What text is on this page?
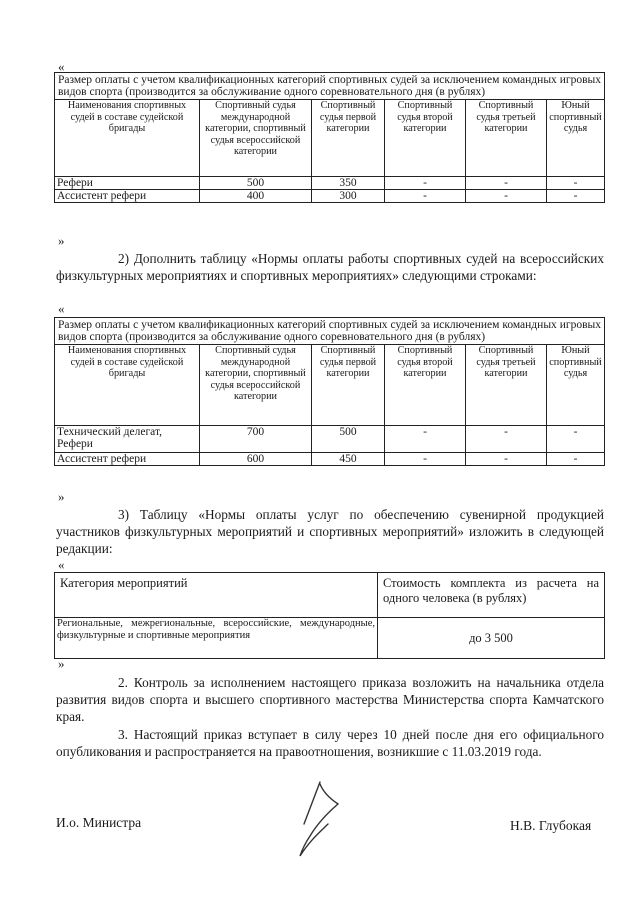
«
Размер оплаты с учетом квалификационных категорий спортивных судей за исключением командных игровых видов спорта (производится за обслуживание одного соревновательного дня (в рублях)					
Наименования спортивных судей в составе судейской бригады	Спортивный судья международной категории, спортивный судья всероссийской категории	Спортивный судья первой категории	Спортивный судья второй категории	Спортивный судья третьей категории	Юный спортивный судья
Рефери	500	350	-	-	-
Ассистент рефери	400	300	-	-	-
»
2) Дополнить таблицу «Нормы оплаты работы спортивных судей на всероссийских физкультурных мероприятиях и спортивных мероприятиях» следующими строками:
«
Размер оплаты с учетом квалификационных категорий спортивных судей за исключением командных игровых видов спорта (производится за обслуживание одного соревновательного дня (в рублях)					
Наименования спортивных судей в составе судейской бригады	Спортивный судья международной категории, спортивный судья всероссийской категории	Спортивный судья первой категории	Спортивный судья второй категории	Спортивный судья третьей категории	Юный спортивный судья
Технический делегат, Рефери	700	500	-	-	-
Ассистент рефери	600	450	-	-	-
»
3) Таблицу «Нормы оплаты услуг по обеспечению сувенирной продукцией участников физкультурных мероприятий и спортивных мероприятий» изложить в следующей редакции:
«
Категория мероприятий	Стоимость комплекта из расчета на одного человека (в рублях)
Региональные, межрегиональные, всероссийские, международные, физкультурные и спортивные мероприятия	до 3 500
»
2. Контроль за исполнением настоящего приказа возложить на начальника отдела развития видов спорта и высшего спортивного мастерства Министерства спорта Камчатского края.
3. Настоящий приказ вступает в силу через 10 дней после дня его официального опубликования и распространяется на правоотношения, возникшие с 11.03.2019 года.
И.о. Министра	Н.В. Глубокая
